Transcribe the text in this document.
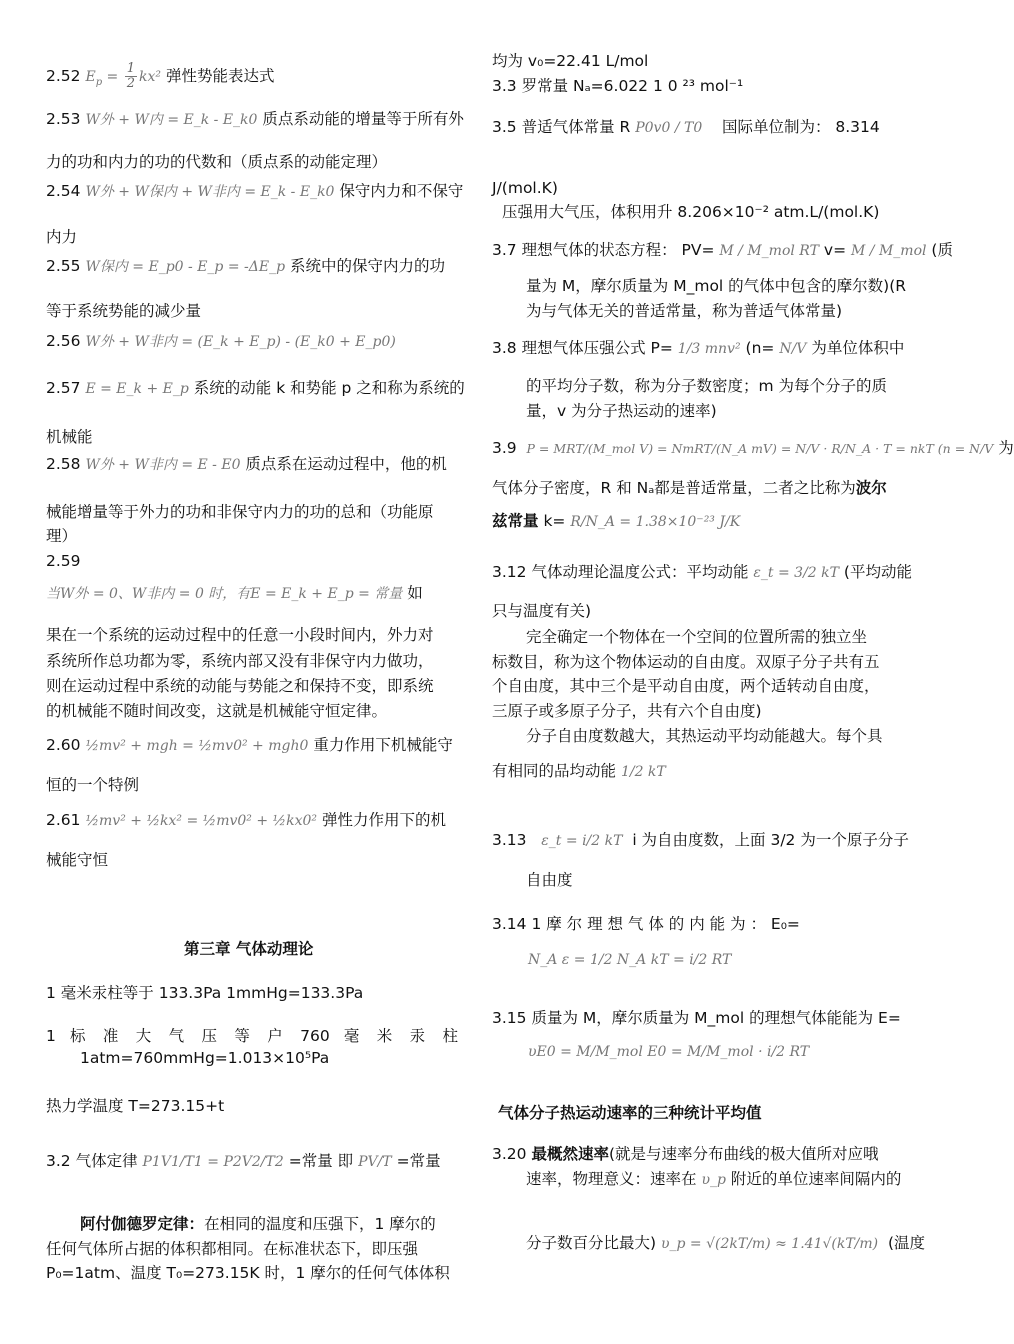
2.52 $E_p = \frac{1}{2} kx^2$ 弹性势能表达式
2.53 W外 + W内 = E_k - E_k0 质点系动能的增量等于所有外
力的功和内力的功的代数和（质点系的动能定理）
2.54 W外 + W保内 + W非内 = E_k - E_k0 保守内力和不保守
内力
2.55 W保内 = E_p0 - E_p = -ΔE_p 系统中的保守内力的功
等于系统势能的减少量
2.56 W外 + W非内 = (E_k + E_p) - (E_k0 + E_p0)
2.57 E = E_k + E_p 系统的动能 k 和势能 p 之和称为系统的
机械能
2.58 W外 + W非内 = E - E0 质点系在运动过程中，他的机
械能增量等于外力的功和非保守内力的功的总和（功能原
理）
2.59
当W外 = 0、W非内 = 0 时，有E = E_k + E_p = 常量 如
果在一个系统的运动过程中的任意一小段时间内，外力对
系统所作总功都为零，系统内部又没有非保守内力做功，
则在运动过程中系统的动能与势能之和保持不变，即系统
的机械能不随时间改变，这就是机械能守恒定律。
2.60 ½mv² + mgh = ½mv0² + mgh0 重力作用下机械能守
恒的一个特例
2.61 ½mv² + ½kx² = ½mv0² + ½kx0² 弹性力作用下的机
械能守恒
第三章 气体动理论
1 毫米汞柱等于 133.3Pa 1mmHg=133.3Pa
1 标 准 大 气 压 等 户 760 毫 米 汞 柱
1atm=760mmHg=1.013×10⁵Pa
热力学温度 T=273.15+t
3.2 气体定律 P1V1/T1 = P2V2/T2 =常量 即 PV/T =常量
阿付伽德罗定律：在相同的温度和压强下，1 摩尔的
任何气体所占据的体积都相同。在标准状态下，即压强
P₀=1atm、温度 T₀=273.15K 时，1 摩尔的任何气体体积
均为 v₀=22.41 L/mol
3.3 罗常量 Nₐ=6.022 1 0 ²³ mol⁻¹
3.5 普适气体常量 R P0v0 / T0 国际单位制为： 8.314
J/(mol.K)
压强用大气压，体积用升 8.206×10⁻² atm.L/(mol.K)
3.7 理想气体的状态方程： PV= M / M_mol RT v= M / M_mol (质
量为 M，摩尔质量为 M_mol 的气体中包含的摩尔数)(R
为与气体无关的普适常量，称为普适气体常量)
3.8 理想气体压强公式 P= 1/3 mnv² (n= N/V 为单位体积中
的平均分子数，称为分子数密度；m 为每个分子的质
量，v 为分子热运动的速率)
3.9 P = MRT/(M_mol V) = NmRT/(N_A mV) = N/V · R/N_A · T = nkT (n = N/V 为
气体分子密度，R 和 Nₐ都是普适常量，二者之比称为波尔
兹常量 k= R/N_A = 1.38×10⁻²³ J/K
3.12 气体动理论温度公式：平均动能 ε_t = 3/2 kT (平均动能
只与温度有关)
完全确定一个物体在一个空间的位置所需的独立坐
标数目，称为这个物体运动的自由度。双原子分子共有五
个自由度，其中三个是平动自由度，两个适转动自由度，
三原子或多原子分子，共有六个自由度)
分子自由度数越大，其热运动平均动能越大。每个具
有相同的品均动能 1/2 kT
3.13 ε_t = i/2 kT i 为自由度数，上面 3/2 为一个原子分子
自由度
3.14 1 摩 尔 理 想 气 体 的 内 能 为 ： E₀=
N_A ε = 1/2 N_A kT = i/2 RT
3.15 质量为 M，摩尔质量为 M_mol 的理想气体能能为 E=
υE0 = M/M_mol E0 = M/M_mol · i/2 RT
气体分子热运动速率的三种统计平均值
3.20 最概然速率(就是与速率分布曲线的极大值所对应哦
速率，物理意义：速率在 υ_p 附近的单位速率间隔内的
分子数百分比最大) υ_p = √(2kT/m) ≈ 1.41√(kT/m) (温度
